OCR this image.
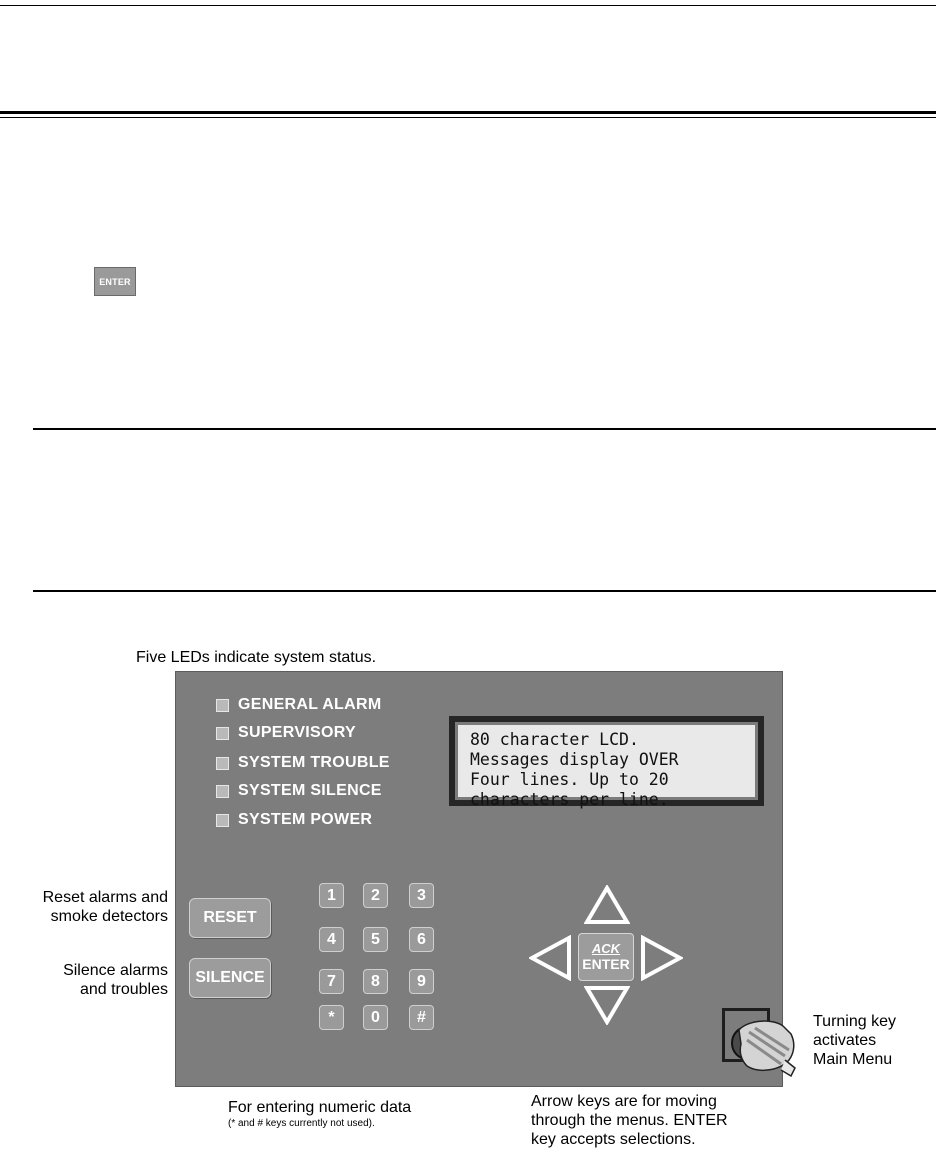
ENTER
Five LEDs indicate system status.
Reset alarms and
smoke detectors
Silence alarms
and troubles
Turning key
activates
Main Menu
For entering numeric data
(* and # keys currently not used).
Arrow keys are for moving
through the menus. ENTER
key accepts selections.
GENERAL ALARM
SUPERVISORY
SYSTEM TROUBLE
SYSTEM SILENCE
SYSTEM POWER
80 character LCD.
Messages display OVER
Four lines. Up to 20
characters per line.
RESET
SILENCE
1	2	3
4	5	6
7	8	9
*	0	#
ACK
ENTER
